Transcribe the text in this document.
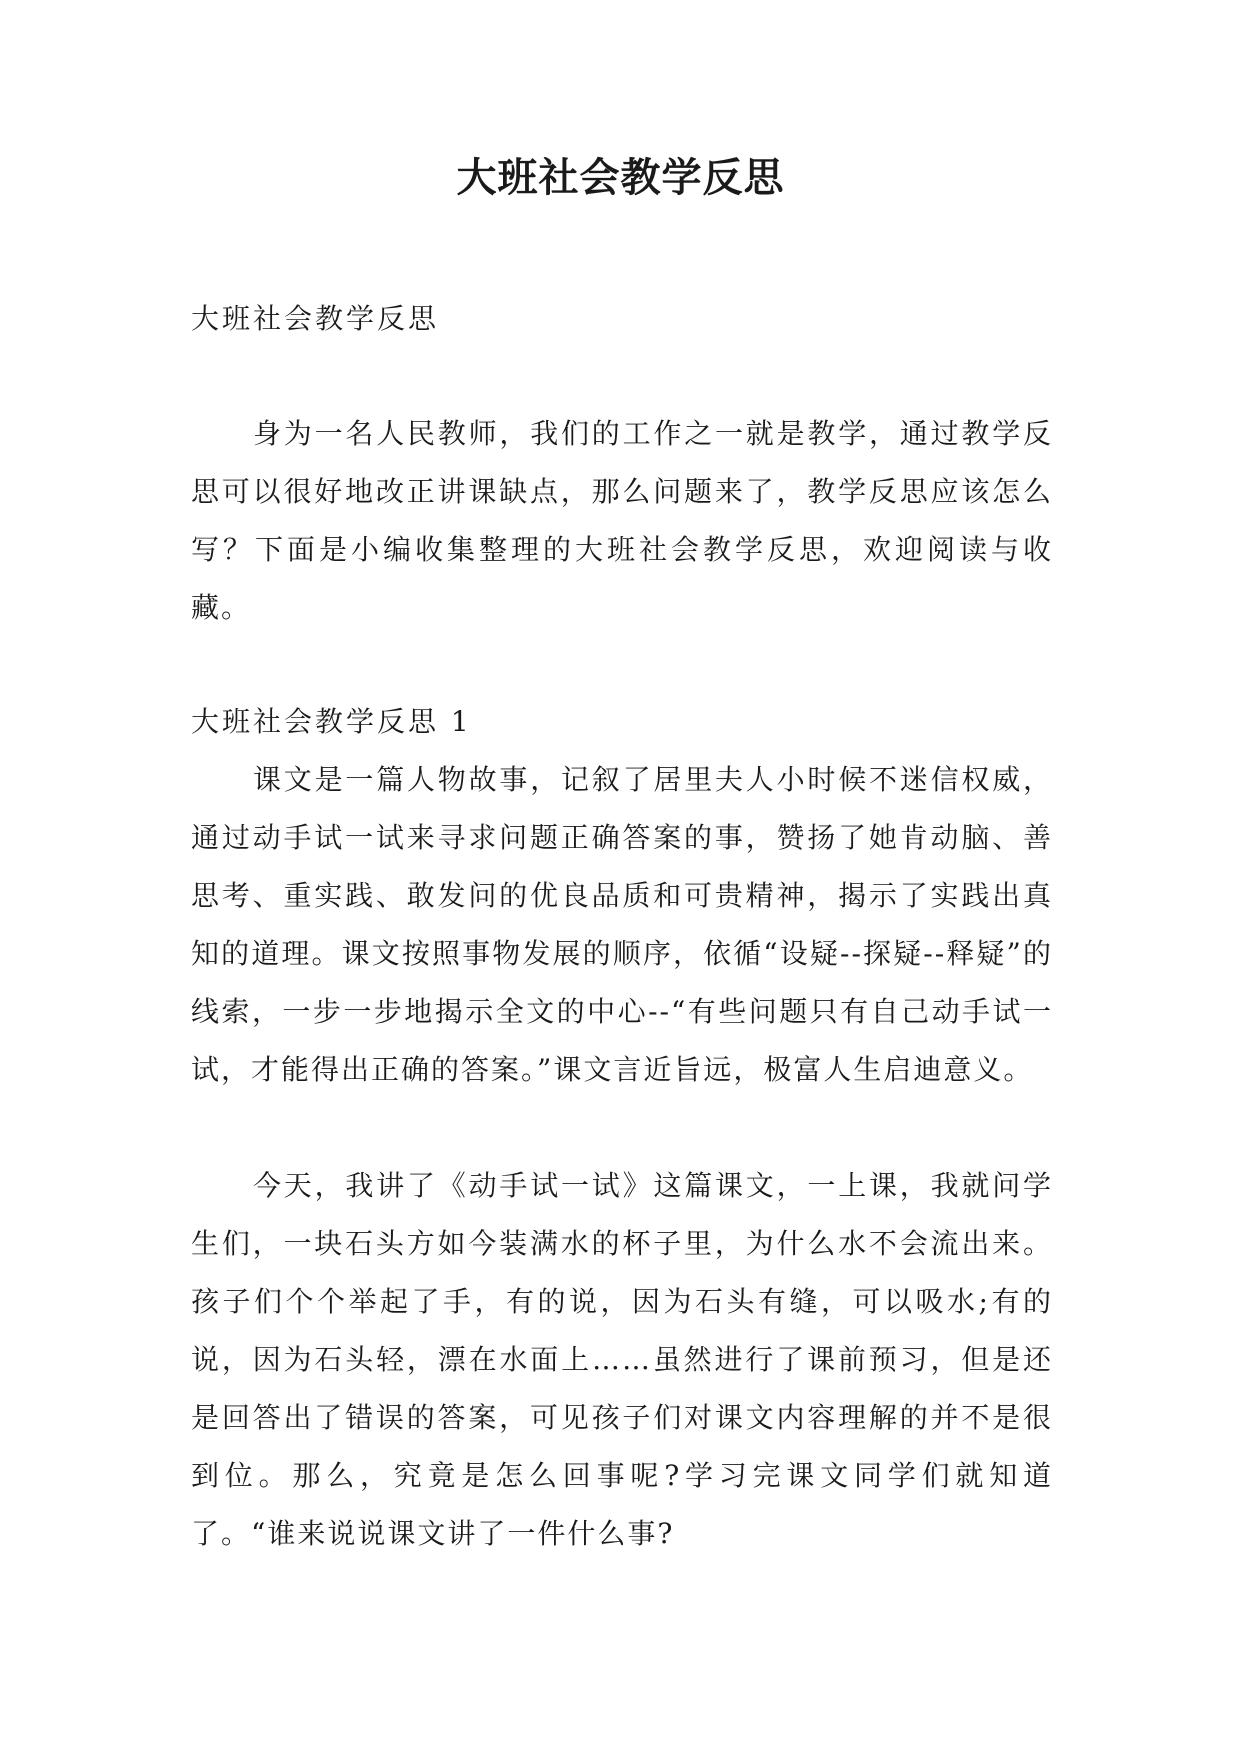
大班社会教学反思
大班社会教学反思

身为一名人民教师，我们的工作之一就是教学，通过教学反思可以很好地改正讲课缺点，那么问题来了，教学反思应该怎么写？下面是小编收集整理的大班社会教学反思，欢迎阅读与收藏。

大班社会教学反思 1

课文是一篇人物故事，记叙了居里夫人小时候不迷信权威，通过动手试一试来寻求问题正确答案的事，赞扬了她肯动脑、善思考、重实践、敢发问的优良品质和可贵精神，揭示了实践出真知的道理。课文按照事物发展的顺序，依循“设疑--探疑--释疑”的线索，一步一步地揭示全文的中心--“有些问题只有自己动手试一试，才能得出正确的答案。”课文言近旨远，极富人生启迪意义。

今天，我讲了《动手试一试》这篇课文，一上课，我就问学生们，一块石头方如今装满水的杯子里，为什么水不会流出来。孩子们个个举起了手，有的说，因为石头有缝，可以吸水;有的说，因为石头轻，漂在水面上……虽然进行了课前预习，但是还是回答出了错误的答案，可见孩子们对课文内容理解的并不是很到位。那么，究竟是怎么回事呢?学习完课文同学们就知道了。“谁来说说课文讲了一件什么事?
